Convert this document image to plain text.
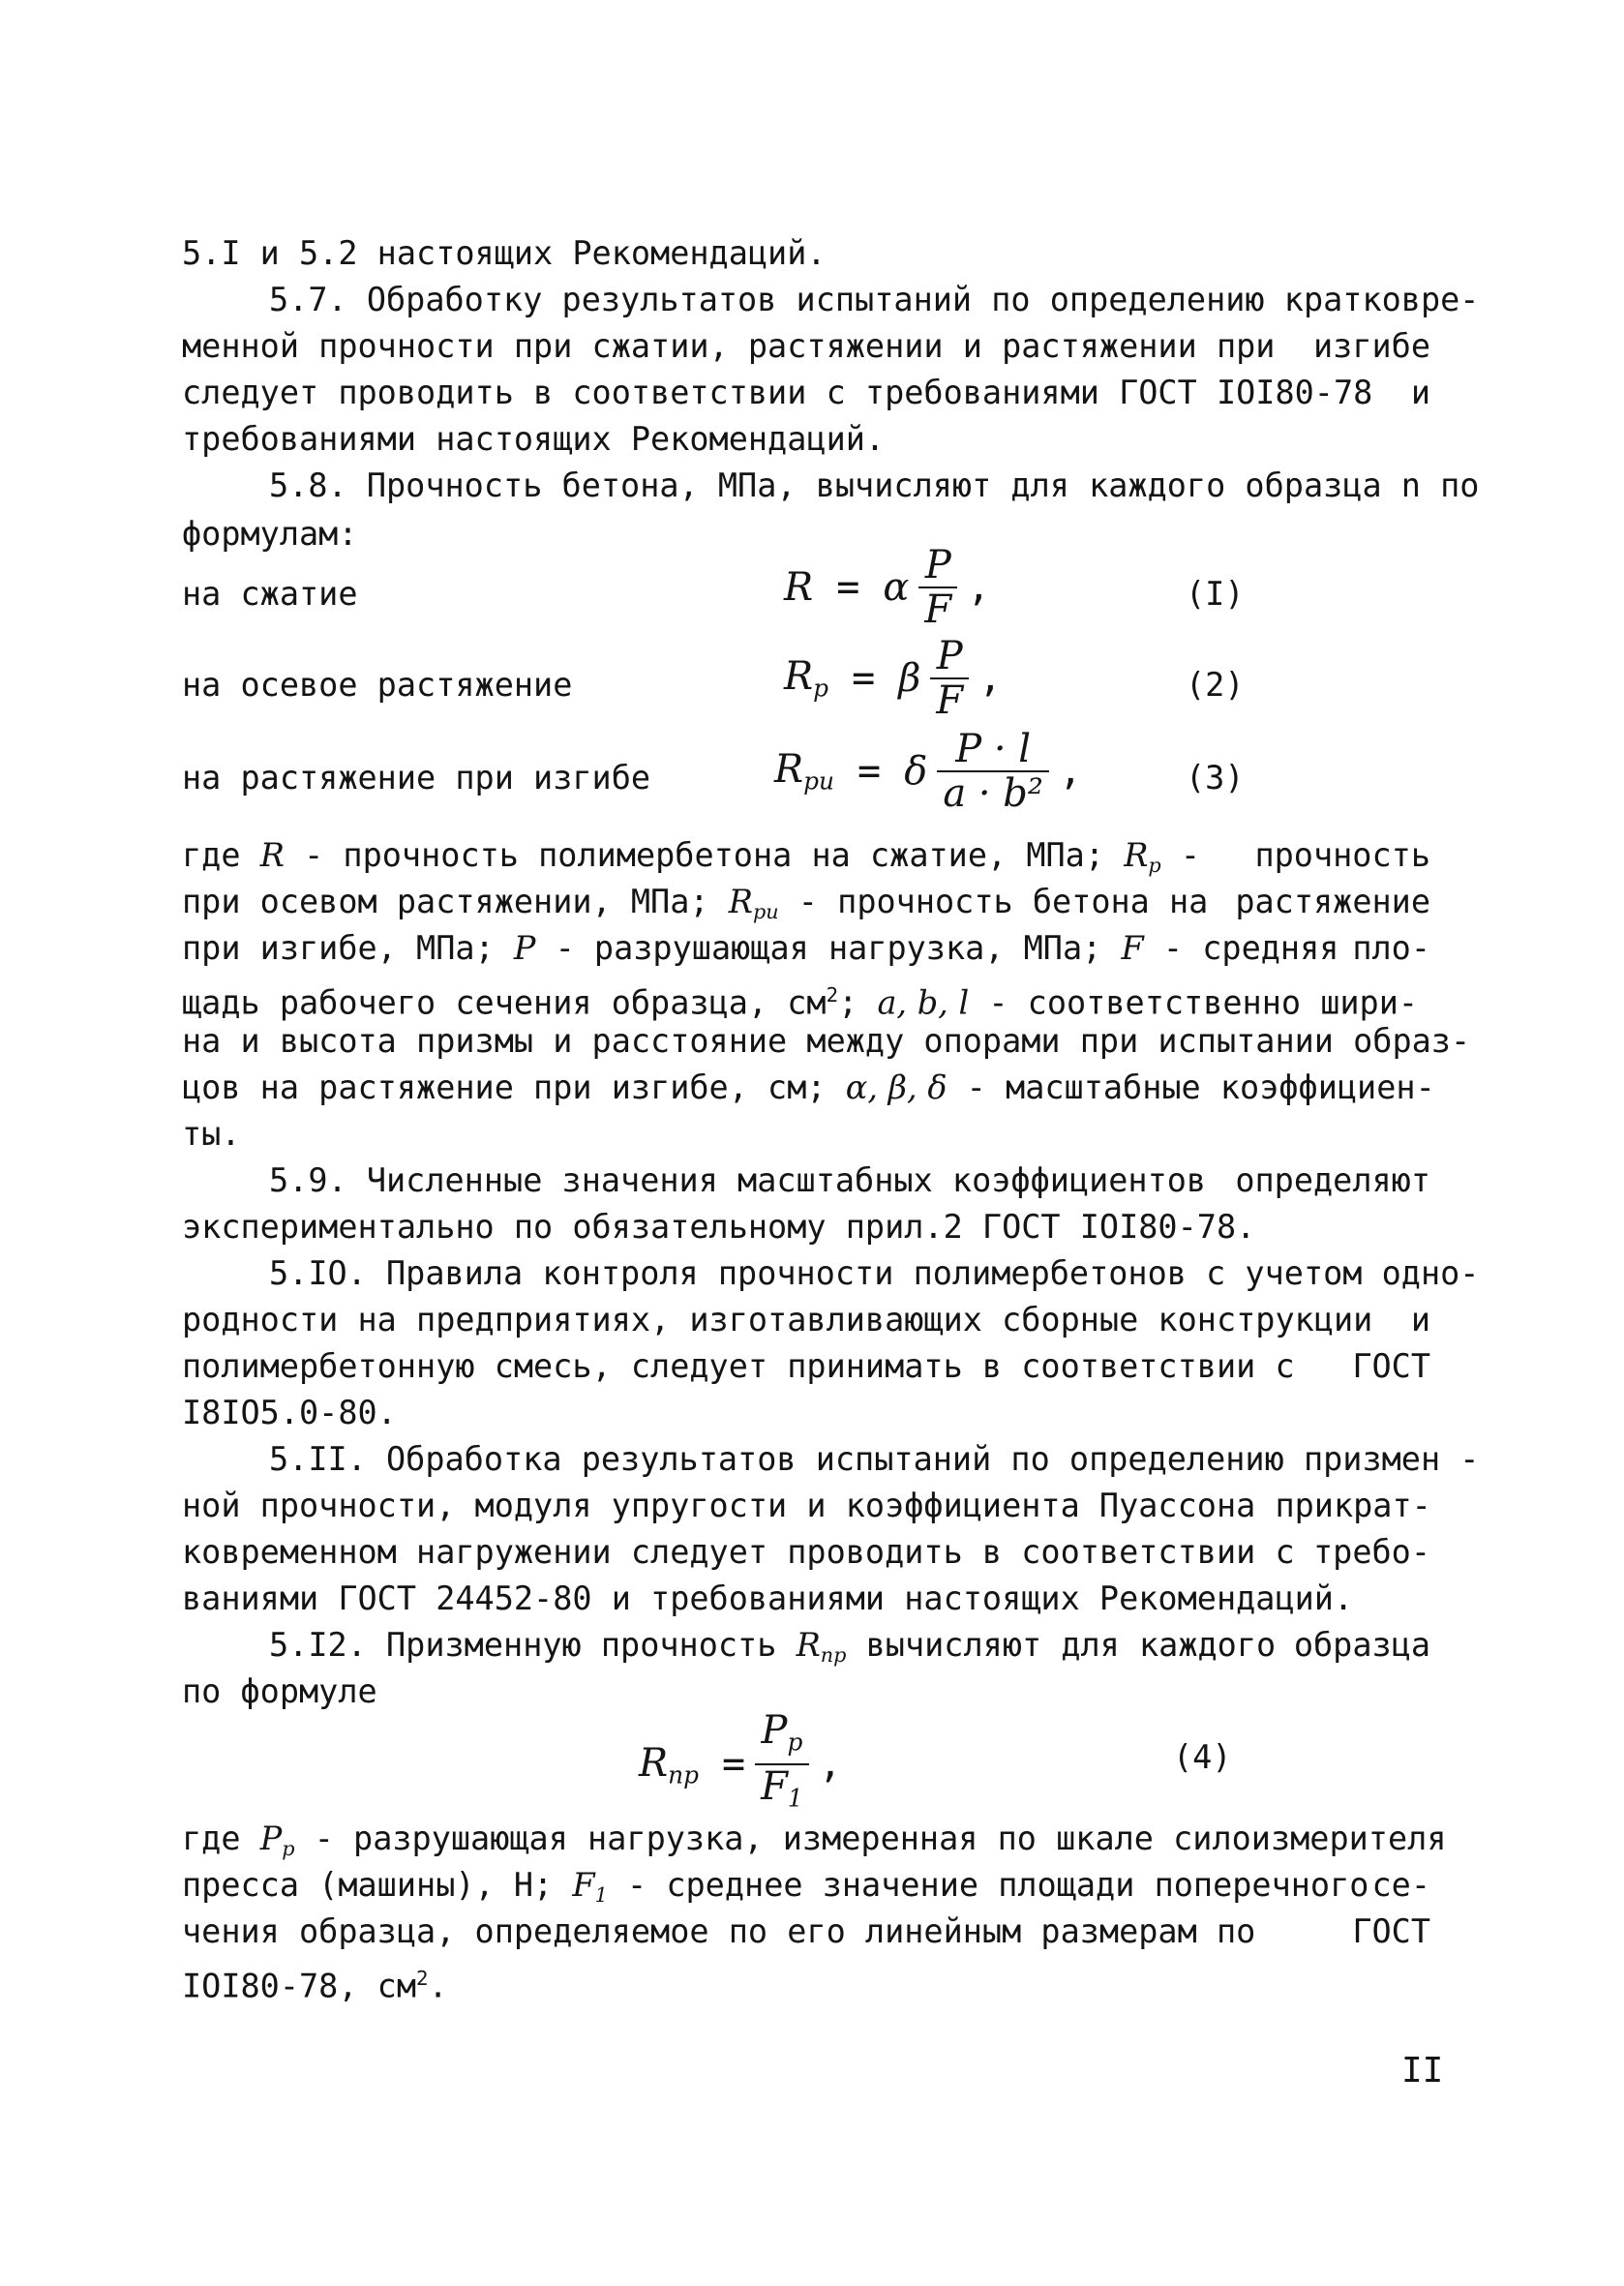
5.I и 5.2 настоящих Рекомендаций.
5.7. Обработку результатов испытаний по определению кратковре-
менной прочности при сжатии, растяжении и растяжении при изгибе
следует проводить в соответствии с требованиями ГОСТ IOI80-78 и
требованиями настоящих Рекомендаций.
5.8. Прочность бетона, МПа, вычисляют для каждого образца n по
формулам:
на сжатие	R = α $\frac{P}{F}$ ,	(I)
на осевое растяжение	$R_p = \beta \frac{P}{F}$ ,	(2)
на растяжение при изгибе	$R_{pu} = \delta \frac{P \cdot l}{\text{a · b²}}$ ,	(3)
где R - прочность полимербетона на сжатие, МПа; $R_p$ - прочность
при осевом растяжении, МПа; $R_{pu}$ - прочность бетона на растяжение
при изгибе, МПа; P - разрушающая нагрузка, МПа; F - средняя пло-
щадь рабочего сечения образца, $см^2$; a, b, l - соответственно шири-
на и высота призмы и расстояние между опорами при испытании образ-
цов на растяжение при изгибе, см; α, β, δ - масштабные коэффициен-
ты.
5.9. Численные значения масштабных коэффициентов определяют
экспериментально по обязательному прил.2 ГОСТ IOI80-78.
5.IO. Правила контроля прочности полимербетонов с учетом одно-
родности на предприятиях, изготавливающих сборные конструкции и
полимербетонную смесь, следует принимать в соответствии с ГОСТ
I8IO5.0-80.
5.II. Обработка результатов испытаний по определению призмен -
ной прочности, модуля упругости и коэффициента Пуассона при крат-
ковременном нагружении следует проводить в соответствии с требо-
ваниями ГОСТ 24452-80 и требованиями настоящих Рекомендаций.
5.I2. Призменную прочность $R_{пр}$ вычисляют для каждого образца
по формуле
$R_{пр} = \frac{P_p}{F_1}$ ,	(4)
где $P_p$ - разрушающая нагрузка, измеренная по шкале силоизмерителя
пресса (машины), Н; $F_1$ - среднее значение площади поперечного се-
чения образца, определяемое по его линейным размерам по	ГОСТ
IOI80-78, $см^2$.
II
